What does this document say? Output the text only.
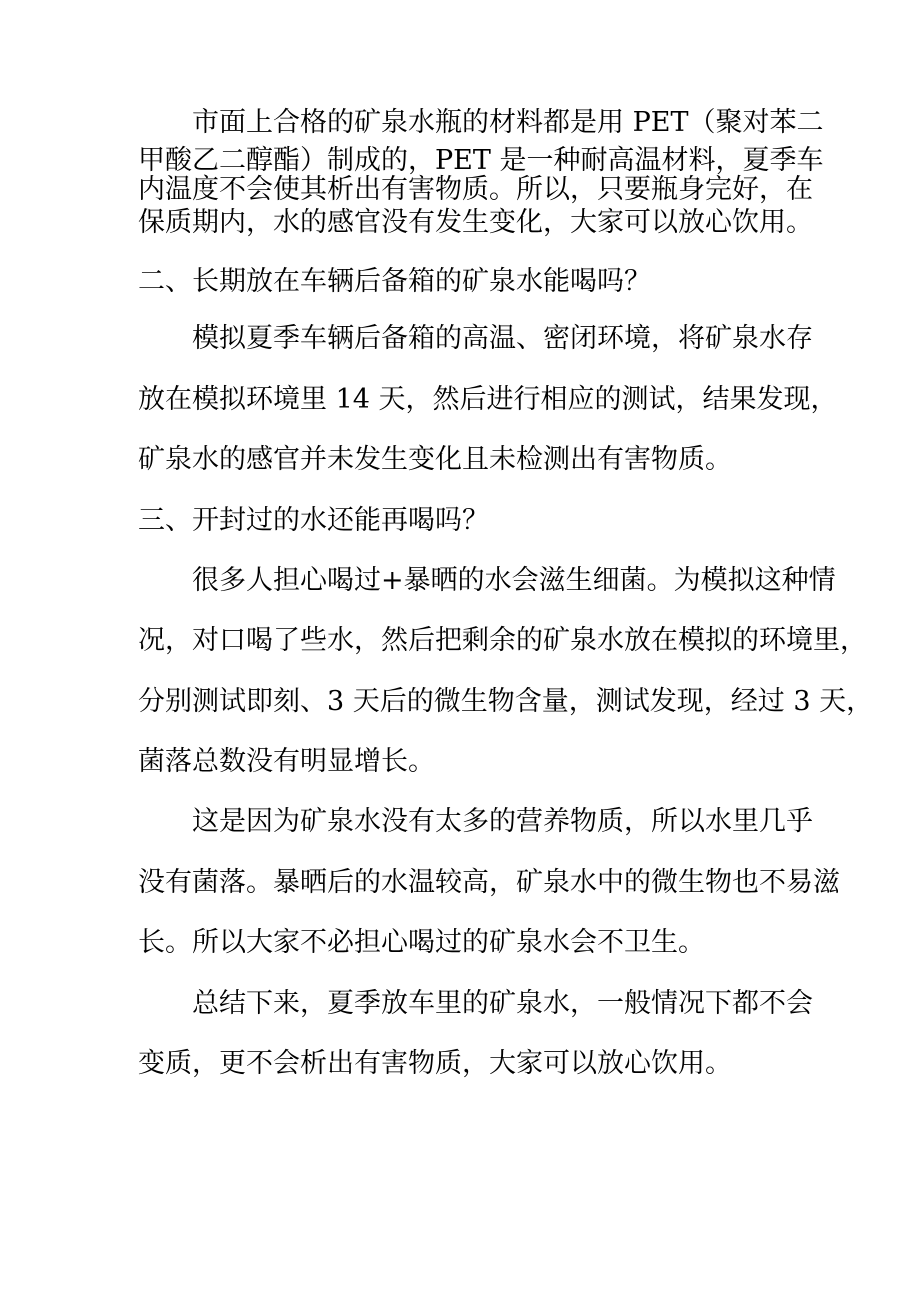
市面上合格的矿泉水瓶的材料都是用 PET（聚对苯二

甲酸乙二醇酯）制成的，PET 是一种耐高温材料，夏季车

内温度不会使其析出有害物质。所以，只要瓶身完好，在

保质期内，水的感官没有发生变化，大家可以放心饮用。

二、长期放在车辆后备箱的矿泉水能喝吗？

模拟夏季车辆后备箱的高温、密闭环境，将矿泉水存

放在模拟环境里 14 天，然后进行相应的测试，结果发现，

矿泉水的感官并未发生变化且未检测出有害物质。

三、开封过的水还能再喝吗？

很多人担心喝过+暴晒的水会滋生细菌。为模拟这种情

况，对口喝了些水，然后把剩余的矿泉水放在模拟的环境里，

分别测试即刻、3 天后的微生物含量，测试发现，经过 3 天，

菌落总数没有明显增长。

这是因为矿泉水没有太多的营养物质，所以水里几乎

没有菌落。暴晒后的水温较高，矿泉水中的微生物也不易滋

长。所以大家不必担心喝过的矿泉水会不卫生。

总结下来，夏季放车里的矿泉水，一般情况下都不会

变质，更不会析出有害物质，大家可以放心饮用。
